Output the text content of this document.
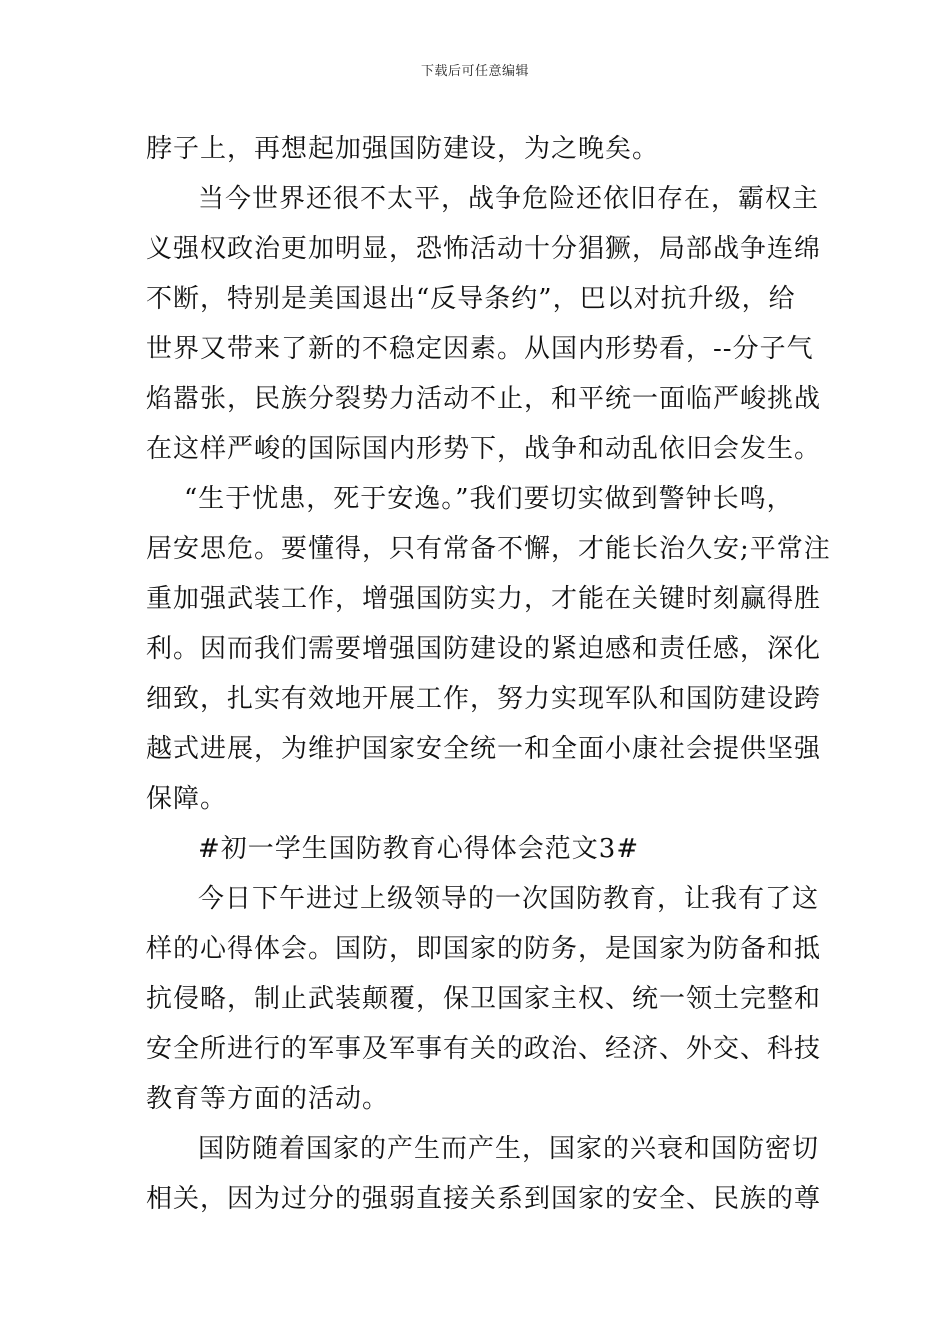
下载后可任意编辑

脖子上，再想起加强国防建设，为之晚矣。

当今世界还很不太平，战争危险还依旧存在，霸权主
义强权政治更加明显，恐怖活动十分猖獗，局部战争连绵
不断，特别是美国退出“反导条约”，巴以对抗升级，给
世界又带来了新的不稳定因素。从国内形势看，--分子气
焰嚣张，民族分裂势力活动不止，和平统一面临严峻挑战
在这样严峻的国际国内形势下，战争和动乱依旧会发生。

“生于忧患，死于安逸。”我们要切实做到警钟长鸣，
居安思危。要懂得，只有常备不懈，才能长治久安;平常注
重加强武装工作，增强国防实力，才能在关键时刻赢得胜
利。因而我们需要增强国防建设的紧迫感和责任感，深化
细致，扎实有效地开展工作，努力实现军队和国防建设跨
越式进展，为维护国家安全统一和全面小康社会提供坚强
保障。

#初一学生国防教育心得体会范文3#

今日下午进过上级领导的一次国防教育，让我有了这
样的心得体会。国防，即国家的防务，是国家为防备和抵
抗侵略，制止武装颠覆，保卫国家主权、统一领土完整和
安全所进行的军事及军事有关的政治、经济、外交、科技
教育等方面的活动。

国防随着国家的产生而产生，国家的兴衰和国防密切
相关，因为过分的强弱直接关系到国家的安全、民族的尊
